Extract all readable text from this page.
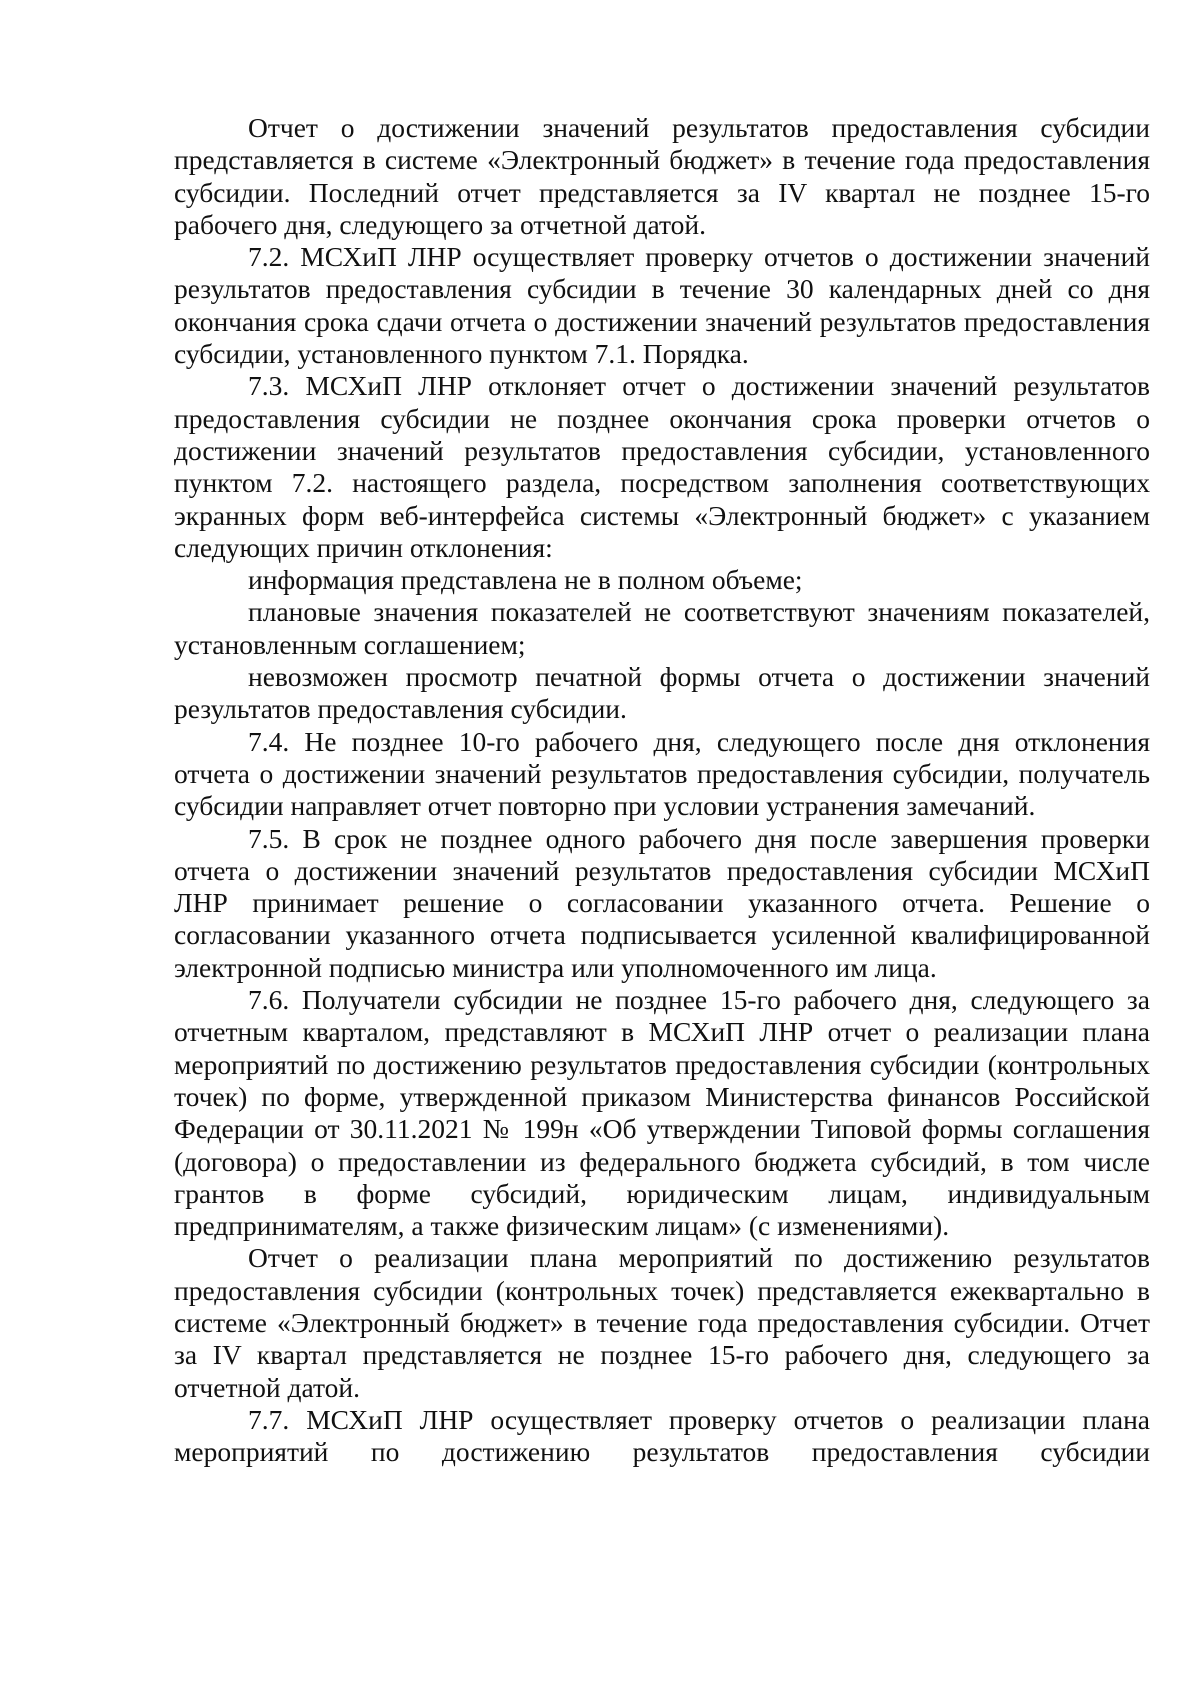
Отчет о достижении значений результатов предоставления субсидии представляется в системе «Электронный бюджет» в течение года предоставления субсидии. Последний отчет представляется за IV квартал не позднее 15-го рабочего дня, следующего за отчетной датой.

7.2. МСХиП ЛНР осуществляет проверку отчетов о достижении значений результатов предоставления субсидии в течение 30 календарных дней со дня окончания срока сдачи отчета о достижении значений результатов предоставления субсидии, установленного пунктом 7.1. Порядка.

7.3. МСХиП ЛНР отклоняет отчет о достижении значений результатов предоставления субсидии не позднее окончания срока проверки отчетов о достижении значений результатов предоставления субсидии, установленного пунктом 7.2. настоящего раздела, посредством заполнения соответствующих экранных форм веб-интерфейса системы «Электронный бюджет» с указанием следующих причин отклонения:

информация представлена не в полном объеме;

плановые значения показателей не соответствуют значениям показателей, установленным соглашением;

невозможен просмотр печатной формы отчета о достижении значений результатов предоставления субсидии.

7.4. Не позднее 10-го рабочего дня, следующего после дня отклонения отчета о достижении значений результатов предоставления субсидии, получатель субсидии направляет отчет повторно при условии устранения замечаний.

7.5. В срок не позднее одного рабочего дня после завершения проверки отчета о достижении значений результатов предоставления субсидии МСХиП ЛНР принимает решение о согласовании указанного отчета. Решение о согласовании указанного отчета подписывается усиленной квалифицированной электронной подписью министра или уполномоченного им лица.

7.6. Получатели субсидии не позднее 15-го рабочего дня, следующего за отчетным кварталом, представляют в МСХиП ЛНР отчет о реализации плана мероприятий по достижению результатов предоставления субсидии (контрольных точек) по форме, утвержденной приказом Министерства финансов Российской Федерации от 30.11.2021 № 199н «Об утверждении Типовой формы соглашения (договора) о предоставлении из федерального бюджета субсидий, в том числе грантов в форме субсидий, юридическим лицам, индивидуальным предпринимателям, а также физическим лицам» (с изменениями).

Отчет о реализации плана мероприятий по достижению результатов предоставления субсидии (контрольных точек) представляется ежеквартально в системе «Электронный бюджет» в течение года предоставления субсидии. Отчет за IV квартал представляется не позднее 15-го рабочего дня, следующего за отчетной датой.

7.7. МСХиП ЛНР осуществляет проверку отчетов о реализации плана мероприятий по достижению результатов предоставления субсидии
